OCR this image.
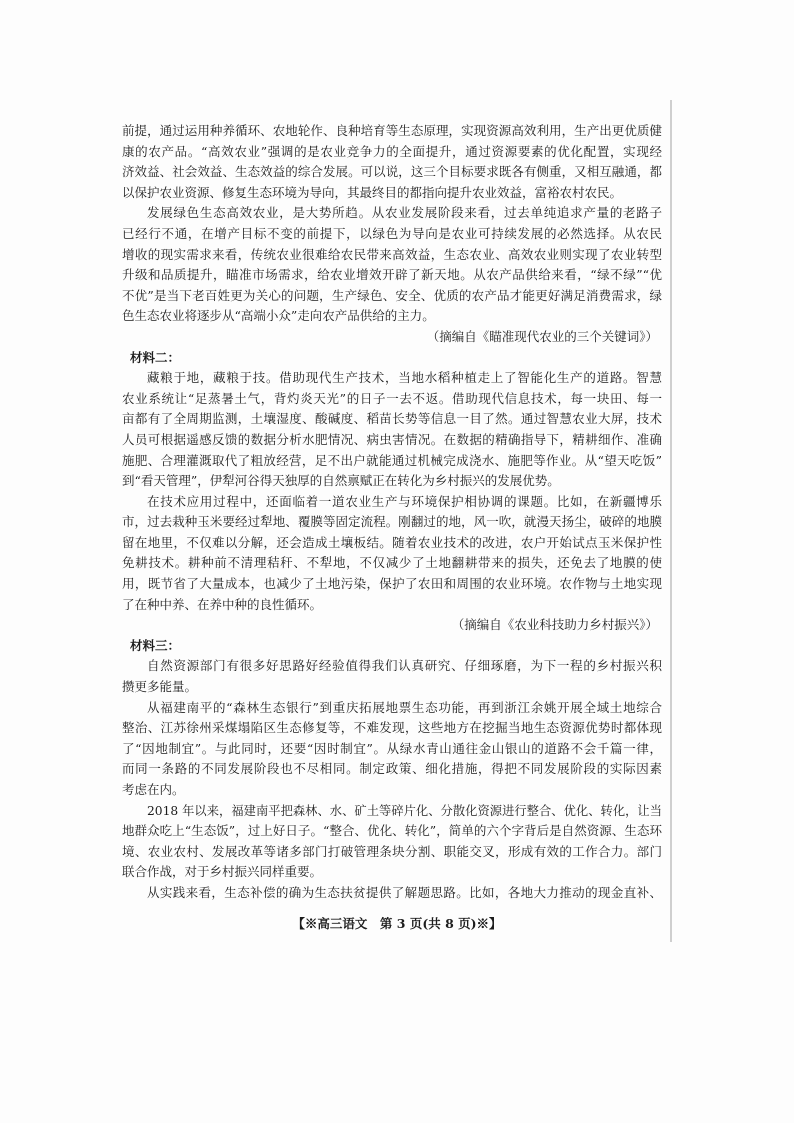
前提，通过运用种养循环、农地轮作、良种培育等生态原理，实现资源高效利用，生产出更优质健
康的农产品。“高效农业”强调的是农业竞争力的全面提升，通过资源要素的优化配置，实现经
济效益、社会效益、生态效益的综合发展。可以说，这三个目标要求既各有侧重，又相互融通，都
以保护农业资源、修复生态环境为导向，其最终目的都指向提升农业效益，富裕农村农民。
发展绿色生态高效农业，是大势所趋。从农业发展阶段来看，过去单纯追求产量的老路子
已经行不通，在增产目标不变的前提下，以绿色为导向是农业可持续发展的必然选择。从农民
增收的现实需求来看，传统农业很难给农民带来高效益，生态农业、高效农业则实现了农业转型
升级和品质提升，瞄准市场需求，给农业增效开辟了新天地。从农产品供给来看，“绿不绿”“优
不优”是当下老百姓更为关心的问题，生产绿色、安全、优质的农产品才能更好满足消费需求，绿
色生态农业将逐步从“高端小众”走向农产品供给的主力。
（摘编自《瞄准现代农业的三个关键词》）
材料二：
藏粮于地，藏粮于技。借助现代生产技术，当地水稻种植走上了智能化生产的道路。智慧
农业系统让“足蒸暑土气，背灼炎天光”的日子一去不返。借助现代信息技术，每一块田、每一
亩都有了全周期监测，土壤湿度、酸碱度、稻苗长势等信息一目了然。通过智慧农业大屏，技术
人员可根据遥感反馈的数据分析水肥情况、病虫害情况。在数据的精确指导下，精耕细作、准确
施肥、合理灌溉取代了粗放经营，足不出户就能通过机械完成浇水、施肥等作业。从“望天吃饭”
到“看天管理”，伊犁河谷得天独厚的自然禀赋正在转化为乡村振兴的发展优势。
在技术应用过程中，还面临着一道农业生产与环境保护相协调的课题。比如，在新疆博乐
市，过去栽种玉米要经过犁地、覆膜等固定流程。刚翻过的地，风一吹，就漫天扬尘，破碎的地膜
留在地里，不仅难以分解，还会造成土壤板结。随着农业技术的改进，农户开始试点玉米保护性
免耕技术。耕种前不清理秸秆、不犁地，不仅减少了土地翻耕带来的损失，还免去了地膜的使
用，既节省了大量成本，也减少了土地污染，保护了农田和周围的农业环境。农作物与土地实现
了在种中养、在养中种的良性循环。
（摘编自《农业科技助力乡村振兴》）
材料三：
自然资源部门有很多好思路好经验值得我们认真研究、仔细琢磨，为下一程的乡村振兴积
攒更多能量。
从福建南平的“森林生态银行”到重庆拓展地票生态功能，再到浙江余姚开展全域土地综合
整治、江苏徐州采煤塌陷区生态修复等，不难发现，这些地方在挖掘当地生态资源优势时都体现
了“因地制宜”。与此同时，还要“因时制宜”。从绿水青山通往金山银山的道路不会千篇一律，
而同一条路的不同发展阶段也不尽相同。制定政策、细化措施，得把不同发展阶段的实际因素
考虑在内。
2018 年以来，福建南平把森林、水、矿土等碎片化、分散化资源进行整合、优化、转化，让当
地群众吃上“生态饭”，过上好日子。“整合、优化、转化”，简单的六个字背后是自然资源、生态环
境、农业农村、发展改革等诸多部门打破管理条块分割、职能交叉，形成有效的工作合力。部门
联合作战，对于乡村振兴同样重要。
从实践来看，生态补偿的确为生态扶贫提供了解题思路。比如，各地大力推动的现金直补、
【※高三语文　第 3 页(共 8 页)※】
